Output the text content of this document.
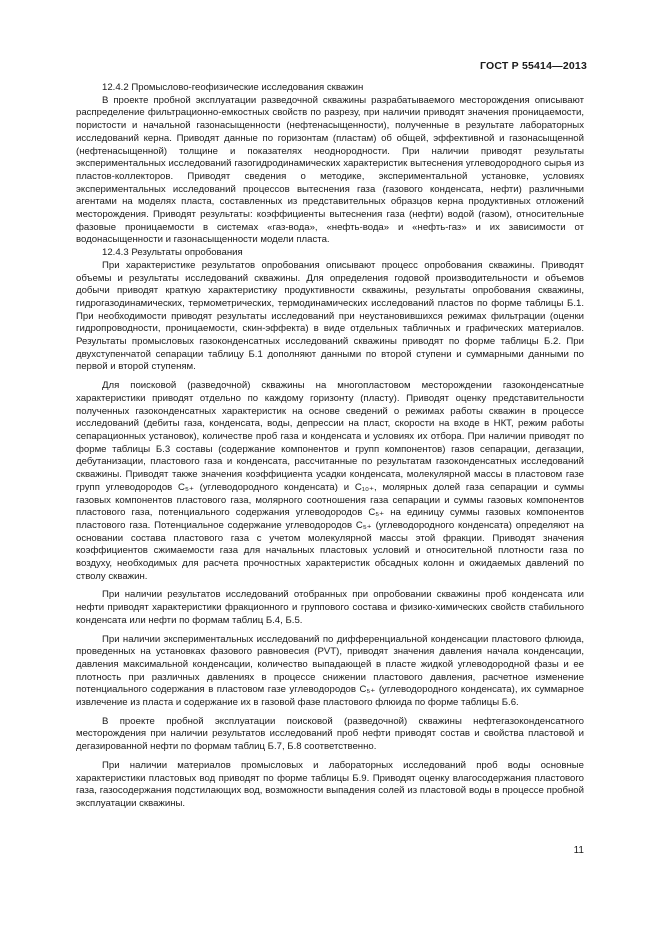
ГОСТ Р 55414—2013

12.4.2 Промыслово-геофизические исследования скважин

В проекте пробной эксплуатации разведочной скважины разрабатываемого месторождения описывают распределение фильтрационно-емкостных свойств по разрезу, при наличии приводят значения проницаемости, пористости и начальной газонасыщенности (нефтенасыщенности), полученные в результате лабораторных исследований керна. Приводят данные по горизонтам (пластам) об общей, эффективной и газонасыщенной (нефтенасыщенной) толщине и показателях неоднородности. При наличии приводят результаты экспериментальных исследований газогидродинамических характеристик вытеснения углеводородного сырья из пластов-коллекторов. Приводят сведения о методике, экспериментальной установке, условиях экспериментальных исследований процессов вытеснения газа (газового конденсата, нефти) различными агентами на моделях пласта, составленных из представительных образцов керна продуктивных отложений месторождения. Приводят результаты: коэффициенты вытеснения газа (нефти) водой (газом), относительные фазовые проницаемости в системах «газ-вода», «нефть-вода» и «нефть-газ» и их зависимости от водонасыщенности и газонасыщенности модели пласта.

12.4.3 Результаты опробования

При характеристике результатов опробования описывают процесс опробования скважины. Приводят объемы и результаты исследований скважины. Для определения годовой производительности и объемов добычи приводят краткую характеристику продуктивности скважины, результаты опробования скважины, гидрогазодинамических, термометрических, термодинамических исследований пластов по форме таблицы Б.1. При необходимости приводят результаты исследований при неустановившихся режимах фильтрации (оценки гидропроводности, проницаемости, скин-эффекта) в виде отдельных табличных и графических материалов. Результаты промысловых газоконденсатных исследований скважины приводят по форме таблицы Б.2. При двухступенчатой сепарации таблицу Б.1 дополняют данными по второй ступени и суммарными данными по первой и второй ступеням.

Для поисковой (разведочной) скважины на многопластовом месторождении газоконденсатные характеристики приводят отдельно по каждому горизонту (пласту). Приводят оценку представительности полученных газоконденсатных характеристик на основе сведений о режимах работы скважин в процессе исследований (дебиты газа, конденсата, воды, депрессии на пласт, скорости на входе в НКТ, режим работы сепарационных установок), количестве проб газа и конденсата и условиях их отбора. При наличии приводят по форме таблицы Б.3 составы (содержание компонентов и групп компонентов) газов сепарации, дегазации, дебутанизации, пластового газа и конденсата, рассчитанные по результатам газоконденсатных исследований скважины. Приводят также значения коэффициента усадки конденсата, молекулярной массы в пластовом газе групп углеводородов С₅₊ (углеводородного конденсата) и С₁₀₊, молярных долей газа сепарации и суммы газовых компонентов пластового газа, молярного соотношения газа сепарации и суммы газовых компонентов пластового газа, потенциального содержания углеводородов С₅₊ на единицу суммы газовых компонентов пластового газа. Потенциальное содержание углеводородов С₅₊ (углеводородного конденсата) определяют на основании состава пластового газа с учетом молекулярной массы этой фракции. Приводят значения коэффициентов сжимаемости газа для начальных пластовых условий и относительной плотности газа по воздуху, необходимых для расчета прочностных характеристик обсадных колонн и ожидаемых давлений по стволу скважин.

При наличии результатов исследований отобранных при опробовании скважины проб конденсата или нефти приводят характеристики фракционного и группового состава и физико-химических свойств стабильного конденсата или нефти по формам таблиц Б.4, Б.5.

При наличии экспериментальных исследований по дифференциальной конденсации пластового флюида, проведенных на установках фазового равновесия (PVT), приводят значения давления начала конденсации, давления максимальной конденсации, количество выпадающей в пласте жидкой углеводородной фазы и ее плотность при различных давлениях в процессе снижении пластового давления, расчетное изменение потенциального содержания в пластовом газе углеводородов С₅₊ (углеводородного конденсата), их суммарное извлечение из пласта и содержание их в газовой фазе пластового флюида по форме таблицы Б.6.

В проекте пробной эксплуатации поисковой (разведочной) скважины нефтегазоконденсатного месторождения при наличии результатов исследований проб нефти приводят состав и свойства пластовой и дегазированной нефти по формам таблиц Б.7, Б.8 соответственно.

При наличии материалов промысловых и лабораторных исследований проб воды основные характеристики пластовых вод приводят по форме таблицы Б.9. Приводят оценку влагосодержания пластового газа, газосодержания подстилающих вод, возможности выпадения солей из пластовой воды в процессе пробной эксплуатации скважины.

11
